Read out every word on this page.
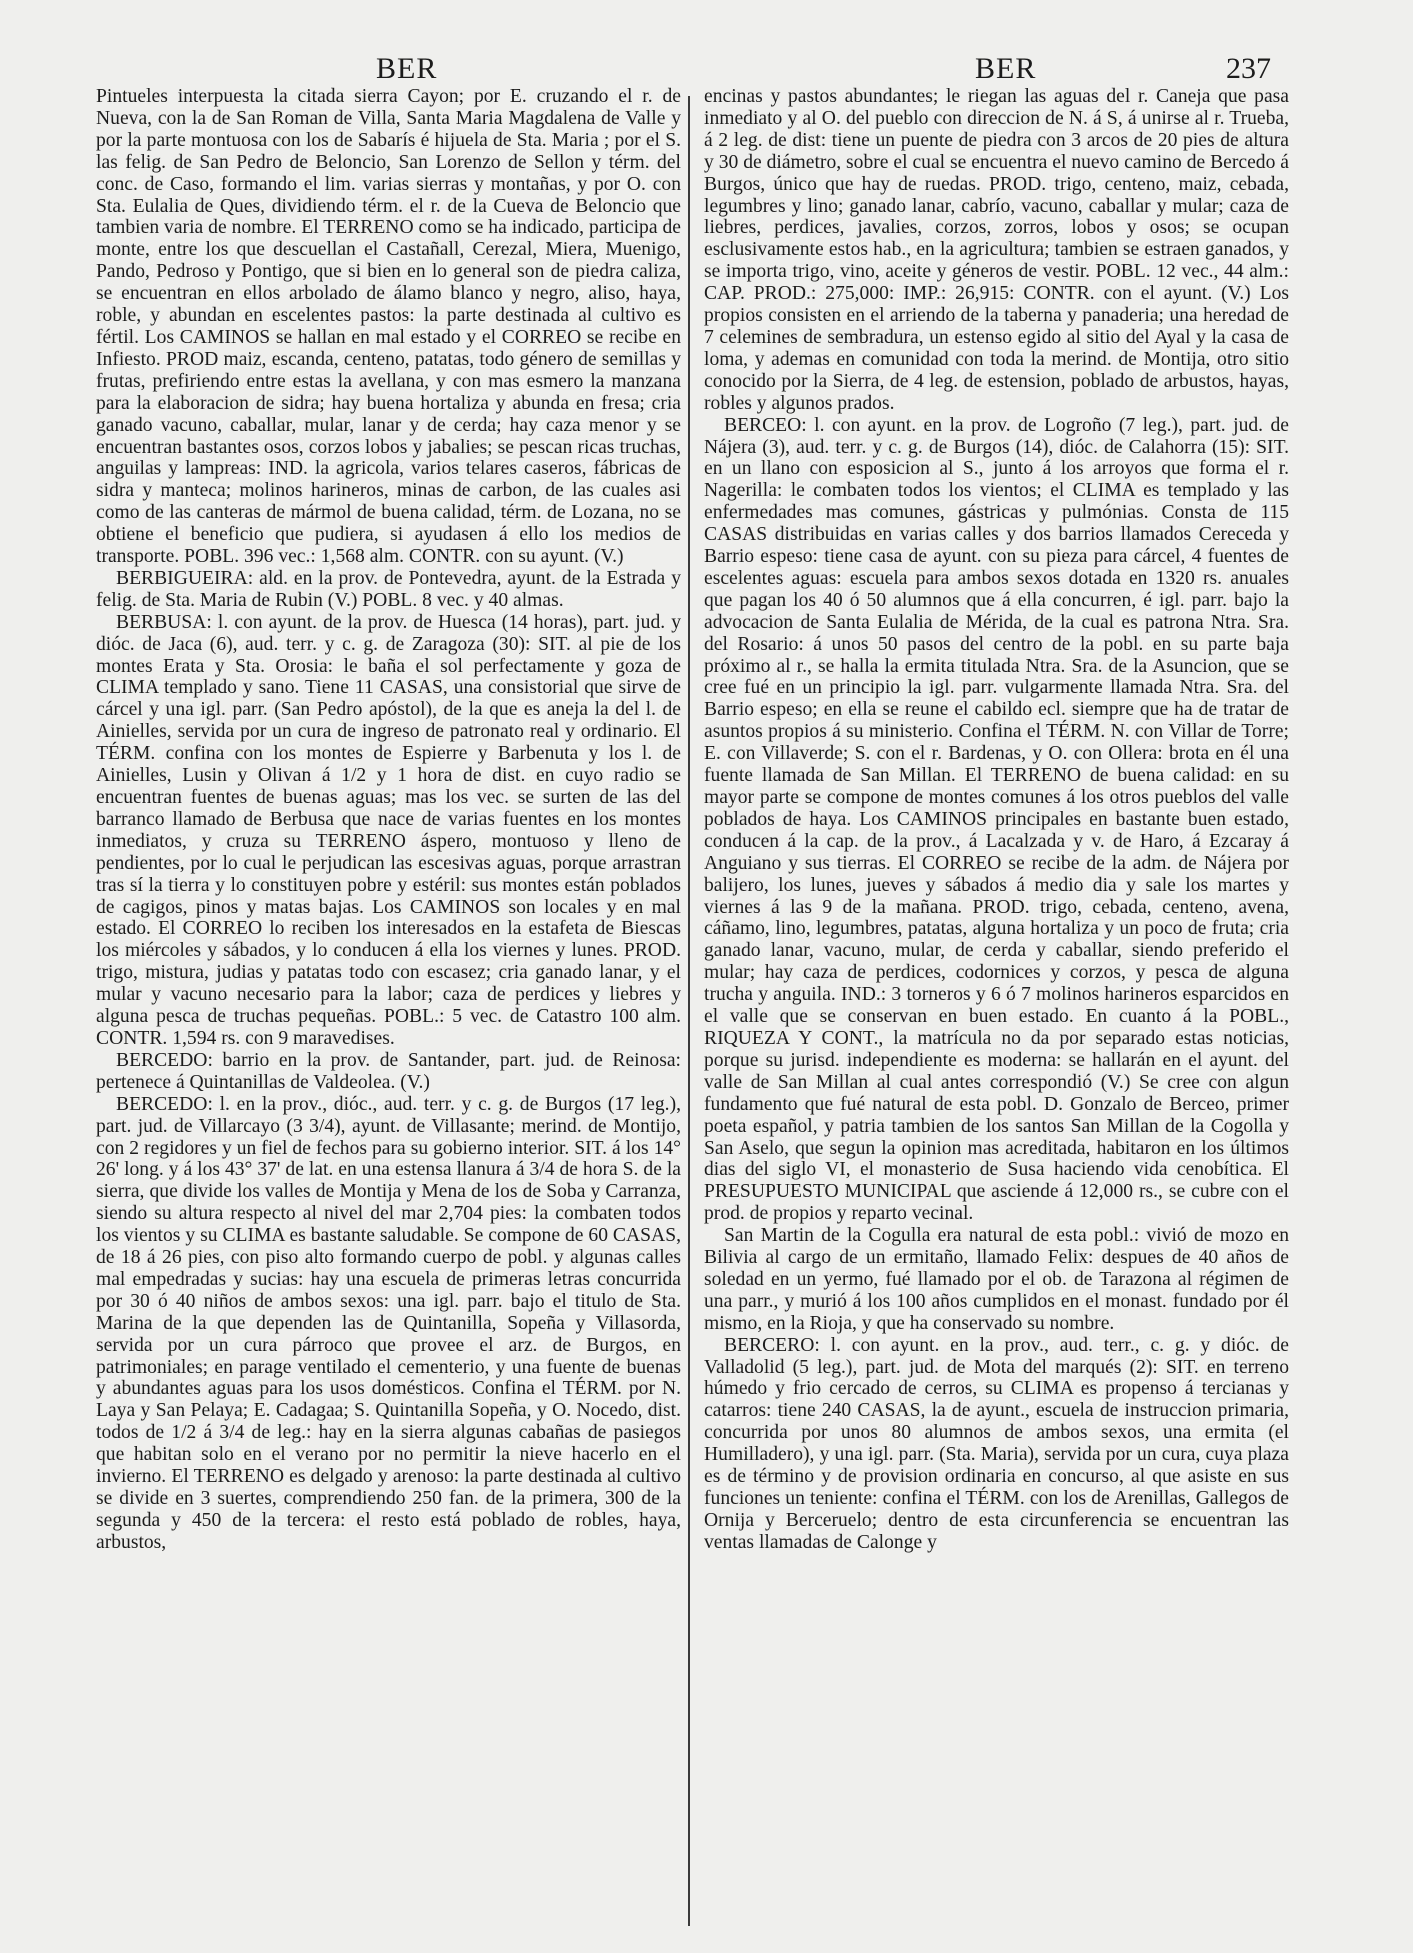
BER	BER	237

Pintueles interpuesta la citada sierra Cayon; por E. cruzando el r. de Nueva, con la de San Roman de Villa, Santa Maria Magdalena de Valle y por la parte montuosa con los de Sabarís é hijuela de Sta. Maria ; por el S. las felig. de San Pedro de Beloncio, San Lorenzo de Sellon y térm. del conc. de Caso, formando el lim. varias sierras y montañas, y por O. con Sta. Eulalia de Ques, dividiendo térm. el r. de la Cueva de Beloncio que tambien varia de nombre. El TERRENO como se ha indicado, participa de monte, entre los que descuellan el Castañall, Cerezal, Miera, Muenigo, Pando, Pedroso y Pontigo, que si bien en lo general son de piedra caliza, se encuentran en ellos arbolado de álamo blanco y negro, aliso, haya, roble, y abundan en escelentes pastos: la parte destinada al cultivo es fértil. Los CAMINOS se hallan en mal estado y el CORREO se recibe en Infiesto. PROD maiz, escanda, centeno, patatas, todo género de semillas y frutas, prefiriendo entre estas la avellana, y con mas esmero la manzana para la elaboracion de sidra; hay buena hortaliza y abunda en fresa; cria ganado vacuno, caballar, mular, lanar y de cerda; hay caza menor y se encuentran bastantes osos, corzos lobos y jabalies; se pescan ricas truchas, anguilas y lampreas: IND. la agricola, varios telares caseros, fábricas de sidra y manteca; molinos harineros, minas de carbon, de las cuales asi como de las canteras de mármol de buena calidad, térm. de Lozana, no se obtiene el beneficio que pudiera, si ayudasen á ello los medios de transporte. POBL. 396 vec.: 1,568 alm. CONTR. con su ayunt. (V.)

BERBIGUEIRA: ald. en la prov. de Pontevedra, ayunt. de la Estrada y felig. de Sta. Maria de Rubin (V.) POBL. 8 vec. y 40 almas.

BERBUSA: l. con ayunt. de la prov. de Huesca (14 horas), part. jud. y dióc. de Jaca (6), aud. terr. y c. g. de Zaragoza (30): SIT. al pie de los montes Erata y Sta. Orosia: le baña el sol perfectamente y goza de CLIMA templado y sano. Tiene 11 CASAS, una consistorial que sirve de cárcel y una igl. parr. (San Pedro apóstol), de la que es aneja la del l. de Ainielles, servida por un cura de ingreso de patronato real y ordinario. El TÉRM. confina con los montes de Espierre y Barbenuta y los l. de Ainielles, Lusin y Olivan á 1/2 y 1 hora de dist. en cuyo radio se encuentran fuentes de buenas aguas; mas los vec. se surten de las del barranco llamado de Berbusa que nace de varias fuentes en los montes inmediatos, y cruza su TERRENO áspero, montuoso y lleno de pendientes, por lo cual le perjudican las escesivas aguas, porque arrastran tras sí la tierra y lo constituyen pobre y estéril: sus montes están poblados de cagigos, pinos y matas bajas. Los CAMINOS son locales y en mal estado. El CORREO lo reciben los interesados en la estafeta de Biescas los miércoles y sábados, y lo conducen á ella los viernes y lunes. PROD. trigo, mistura, judias y patatas todo con escasez; cria ganado lanar, y el mular y vacuno necesario para la labor; caza de perdices y liebres y alguna pesca de truchas pequeñas. POBL.: 5 vec. de Catastro 100 alm. CONTR. 1,594 rs. con 9 maravedises.

BERCEDO: barrio en la prov. de Santander, part. jud. de Reinosa: pertenece á Quintanillas de Valdeolea. (V.)

BERCEDO: l. en la prov., dióc., aud. terr. y c. g. de Burgos (17 leg.), part. jud. de Villarcayo (3 3/4), ayunt. de Villasante; merind. de Montijo, con 2 regidores y un fiel de fechos para su gobierno interior. SIT. á los 14° 26' long. y á los 43° 37' de lat. en una estensa llanura á 3/4 de hora S. de la sierra, que divide los valles de Montija y Mena de los de Soba y Carranza, siendo su altura respecto al nivel del mar 2,704 pies: la combaten todos los vientos y su CLIMA es bastante saludable. Se compone de 60 CASAS, de 18 á 26 pies, con piso alto formando cuerpo de pobl. y algunas calles mal empedradas y sucias: hay una escuela de primeras letras concurrida por 30 ó 40 niños de ambos sexos: una igl. parr. bajo el titulo de Sta. Marina de la que dependen las de Quintanilla, Sopeña y Villasorda, servida por un cura párroco que provee el arz. de Burgos, en patrimoniales; en parage ventilado el cementerio, y una fuente de buenas y abundantes aguas para los usos domésticos. Confina el TÉRM. por N. Laya y San Pelaya; E. Cadagaa; S. Quintanilla Sopeña, y O. Nocedo, dist. todos de 1/2 á 3/4 de leg.: hay en la sierra algunas cabañas de pasiegos que habitan solo en el verano por no permitir la nieve hacerlo en el invierno. El TERRENO es delgado y arenoso: la parte destinada al cultivo se divide en 3 suertes, comprendiendo 250 fan. de la primera, 300 de la segunda y 450 de la tercera: el resto está poblado de robles, haya, arbustos,

encinas y pastos abundantes; le riegan las aguas del r. Caneja que pasa inmediato y al O. del pueblo con direccion de N. á S, á unirse al r. Trueba, á 2 leg. de dist: tiene un puente de piedra con 3 arcos de 20 pies de altura y 30 de diámetro, sobre el cual se encuentra el nuevo camino de Bercedo á Burgos, único que hay de ruedas. PROD. trigo, centeno, maiz, cebada, legumbres y lino; ganado lanar, cabrío, vacuno, caballar y mular; caza de liebres, perdices, javalies, corzos, zorros, lobos y osos; se ocupan esclusivamente estos hab., en la agricultura; tambien se estraen ganados, y se importa trigo, vino, aceite y géneros de vestir. POBL. 12 vec., 44 alm.: CAP. PROD.: 275,000: IMP.: 26,915: CONTR. con el ayunt. (V.) Los propios consisten en el arriendo de la taberna y panaderia; una heredad de 7 celemines de sembradura, un estenso egido al sitio del Ayal y la casa de loma, y ademas en comunidad con toda la merind. de Montija, otro sitio conocido por la Sierra, de 4 leg. de estension, poblado de arbustos, hayas, robles y algunos prados.

BERCEO: l. con ayunt. en la prov. de Logroño (7 leg.), part. jud. de Nájera (3), aud. terr. y c. g. de Burgos (14), dióc. de Calahorra (15): SIT. en un llano con esposicion al S., junto á los arroyos que forma el r. Nagerilla: le combaten todos los vientos; el CLIMA es templado y las enfermedades mas comunes, gástricas y pulmónias. Consta de 115 CASAS distribuidas en varias calles y dos barrios llamados Cereceda y Barrio espeso: tiene casa de ayunt. con su pieza para cárcel, 4 fuentes de escelentes aguas: escuela para ambos sexos dotada en 1320 rs. anuales que pagan los 40 ó 50 alumnos que á ella concurren, é igl. parr. bajo la advocacion de Santa Eulalia de Mérida, de la cual es patrona Ntra. Sra. del Rosario: á unos 50 pasos del centro de la pobl. en su parte baja próximo al r., se halla la ermita titulada Ntra. Sra. de la Asuncion, que se cree fué en un principio la igl. parr. vulgarmente llamada Ntra. Sra. del Barrio espeso; en ella se reune el cabildo ecl. siempre que ha de tratar de asuntos propios á su ministerio. Confina el TÉRM. N. con Villar de Torre; E. con Villaverde; S. con el r. Bardenas, y O. con Ollera: brota en él una fuente llamada de San Millan. El TERRENO de buena calidad: en su mayor parte se compone de montes comunes á los otros pueblos del valle poblados de haya. Los CAMINOS principales en bastante buen estado, conducen á la cap. de la prov., á Lacalzada y v. de Haro, á Ezcaray á Anguiano y sus tierras. El CORREO se recibe de la adm. de Nájera por balijero, los lunes, jueves y sábados á medio dia y sale los martes y viernes á las 9 de la mañana. PROD. trigo, cebada, centeno, avena, cáñamo, lino, legumbres, patatas, alguna hortaliza y un poco de fruta; cria ganado lanar, vacuno, mular, de cerda y caballar, siendo preferido el mular; hay caza de perdices, codornices y corzos, y pesca de alguna trucha y anguila. IND.: 3 torneros y 6 ó 7 molinos harineros esparcidos en el valle que se conservan en buen estado. En cuanto á la POBL., RIQUEZA Y CONT., la matrícula no da por separado estas noticias, porque su jurisd. independiente es moderna: se hallarán en el ayunt. del valle de San Millan al cual antes correspondió (V.) Se cree con algun fundamento que fué natural de esta pobl. D. Gonzalo de Berceo, primer poeta español, y patria tambien de los santos San Millan de la Cogolla y San Aselo, que segun la opinion mas acreditada, habitaron en los últimos dias del siglo VI, el monasterio de Susa haciendo vida cenobítica. El PRESUPUESTO MUNICIPAL que asciende á 12,000 rs., se cubre con el prod. de propios y reparto vecinal.

San Martin de la Cogulla era natural de esta pobl.: vivió de mozo en Bilivia al cargo de un ermitaño, llamado Felix: despues de 40 años de soledad en un yermo, fué llamado por el ob. de Tarazona al régimen de una parr., y murió á los 100 años cumplidos en el monast. fundado por él mismo, en la Rioja, y que ha conservado su nombre.

BERCERO: l. con ayunt. en la prov., aud. terr., c. g. y dióc. de Valladolid (5 leg.), part. jud. de Mota del marqués (2): SIT. en terreno húmedo y frio cercado de cerros, su CLIMA es propenso á tercianas y catarros: tiene 240 CASAS, la de ayunt., escuela de instruccion primaria, concurrida por unos 80 alumnos de ambos sexos, una ermita (el Humilladero), y una igl. parr. (Sta. Maria), servida por un cura, cuya plaza es de término y de provision ordinaria en concurso, al que asiste en sus funciones un teniente: confina el TÉRM. con los de Arenillas, Gallegos de Ornija y Berceruelo; dentro de esta circunferencia se encuentran las ventas llamadas de Calonge y
